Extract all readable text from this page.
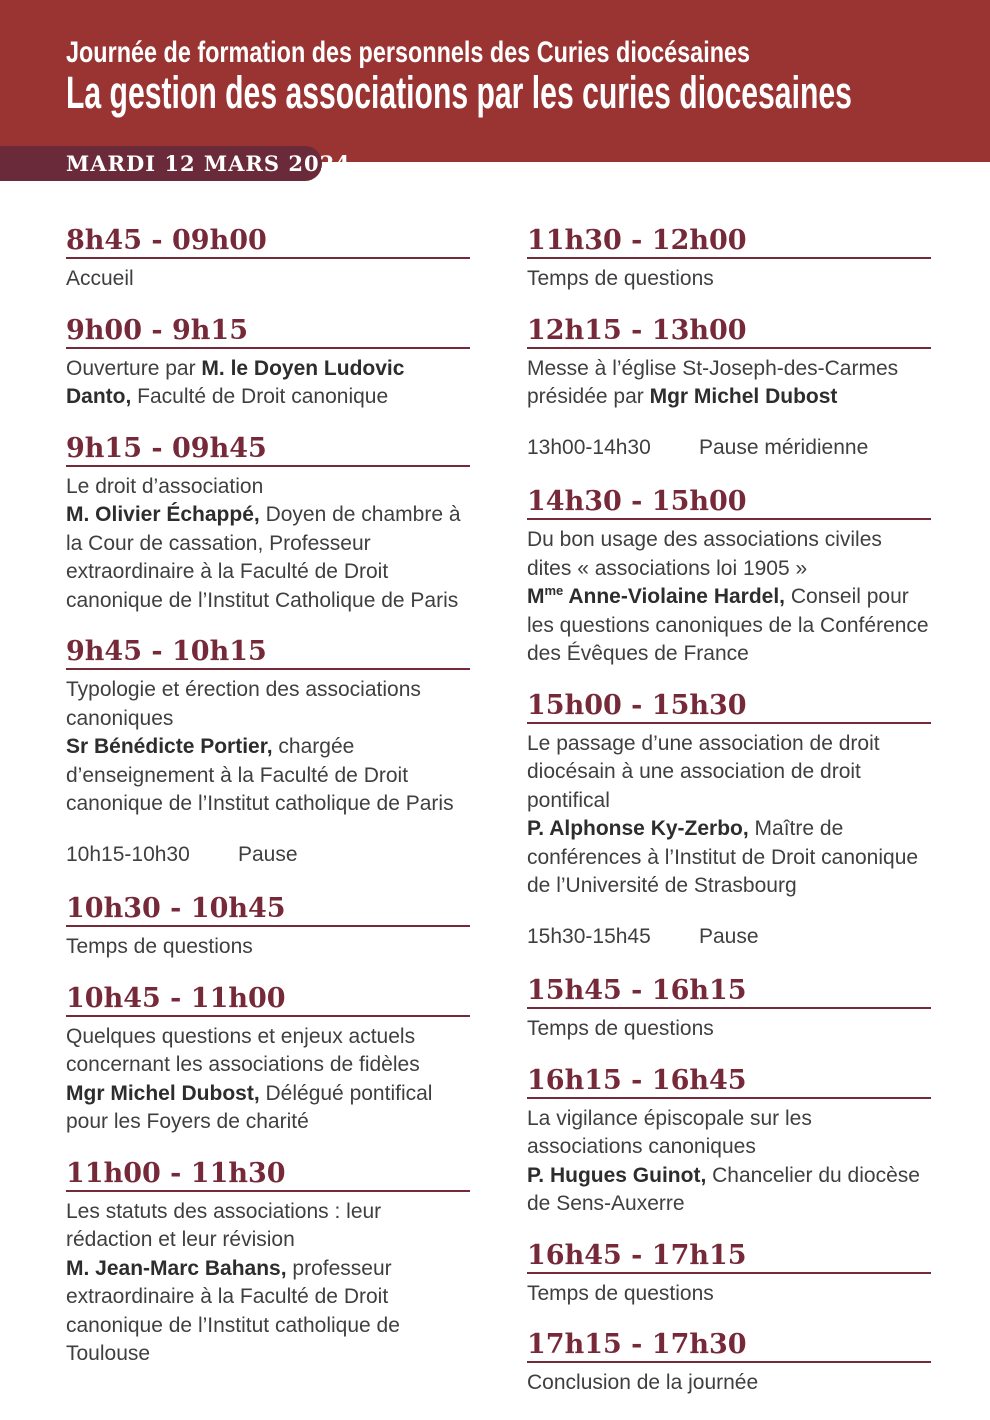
Journée de formation des personnels des Curies diocésaines
La gestion des associations par les curies diocesaines
MARDI 12 MARS 2024
8h45 - 09h00
Accueil
9h00 - 9h15
Ouverture par M. le Doyen Ludovic Danto, Faculté de Droit canonique
9h15 - 09h45
Le droit d’association
M. Olivier Échappé, Doyen de chambre à la Cour de cassation, Professeur extraordinaire à la Faculté de Droit canonique de l’Institut Catholique de Paris
9h45 - 10h15
Typologie et érection des associations canoniques
Sr Bénédicte Portier, chargée d’enseignement à la Faculté de Droit canonique de l’Institut catholique de Paris
10h15-10h30 Pause
10h30 - 10h45
Temps de questions
10h45 - 11h00
Quelques questions et enjeux actuels concernant les associations de fidèles
Mgr Michel Dubost, Délégué pontifical pour les Foyers de charité
11h00 - 11h30
Les statuts des associations : leur rédaction et leur révision
M. Jean-Marc Bahans, professeur extraordinaire à la Faculté de Droit canonique de l’Institut catholique de Toulouse
11h30 - 12h00
Temps de questions
12h15 - 13h00
Messe à l’église St-Joseph-des-Carmes présidée par Mgr Michel Dubost
13h00-14h30 Pause méridienne
14h30 - 15h00
Du bon usage des associations civiles dites « associations loi 1905 »
$M^{me}$ Anne-Violaine Hardel, Conseil pour les questions canoniques de la Conférence des Évêques de France
15h00 - 15h30
Le passage d’une association de droit diocésain à une association de droit pontifical
P. Alphonse Ky-Zerbo, Maître de conférences à l’Institut de Droit canonique de l’Université de Strasbourg
15h30-15h45 Pause
15h45 - 16h15
Temps de questions
16h15 - 16h45
La vigilance épiscopale sur les associations canoniques
P. Hugues Guinot, Chancelier du diocèse de Sens-Auxerre
16h45 - 17h15
Temps de questions
17h15 - 17h30
Conclusion de la journée
